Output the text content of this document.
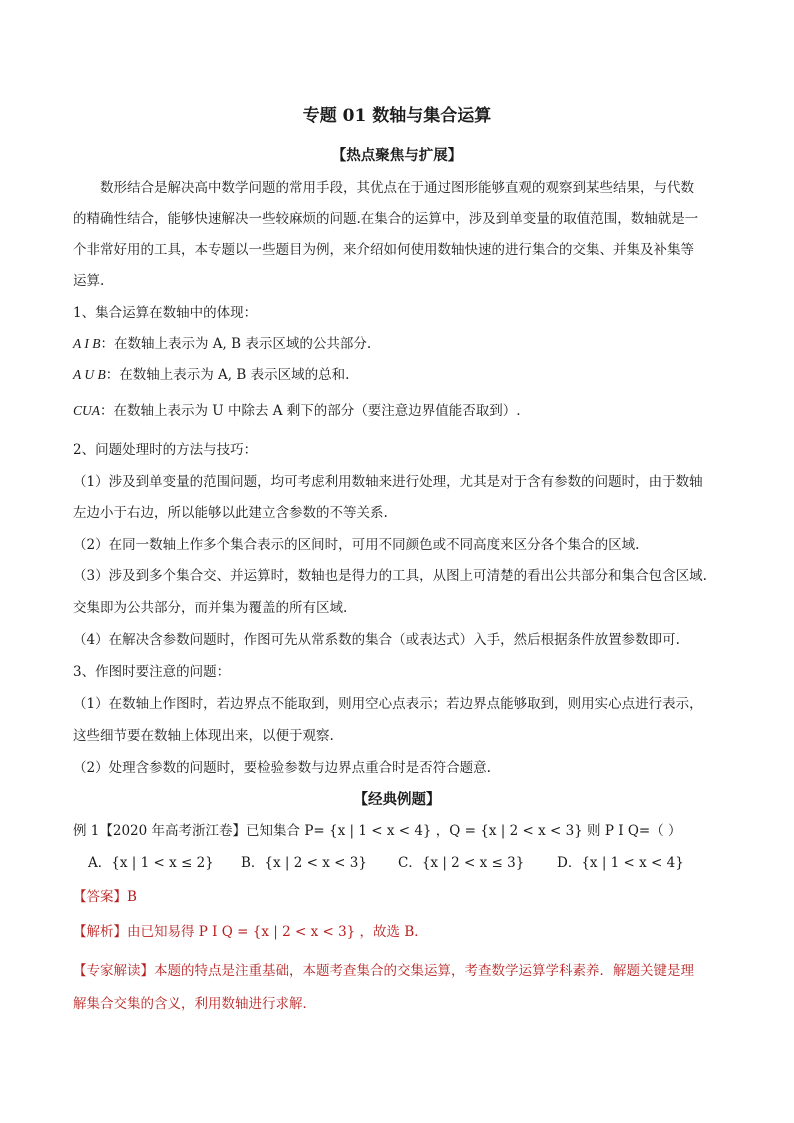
专题 01 数轴与集合运算
【热点聚焦与扩展】
数形结合是解决高中数学问题的常用手段，其优点在于通过图形能够直观的观察到某些结果，与代数
的精确性结合，能够快速解决一些较麻烦的问题.在集合的运算中，涉及到单变量的取值范围，数轴就是一
个非常好用的工具，本专题以一些题目为例，来介绍如何使用数轴快速的进行集合的交集、并集及补集等
运算.
1、集合运算在数轴中的体现：
A I B：在数轴上表示为 A, B 表示区域的公共部分.
A U B：在数轴上表示为 A, B 表示区域的总和.
CUA：在数轴上表示为 U 中除去 A 剩下的部分（要注意边界值能否取到）.
2、问题处理时的方法与技巧：
（1）涉及到单变量的范围问题，均可考虑利用数轴来进行处理，尤其是对于含有参数的问题时，由于数轴
左边小于右边，所以能够以此建立含参数的不等关系.
（2）在同一数轴上作多个集合表示的区间时，可用不同颜色或不同高度来区分各个集合的区域.
（3）涉及到多个集合交、并运算时，数轴也是得力的工具，从图上可清楚的看出公共部分和集合包含区域.
交集即为公共部分，而并集为覆盖的所有区域.
（4）在解决含参数问题时，作图可先从常系数的集合（或表达式）入手，然后根据条件放置参数即可.
3、作图时要注意的问题：
（1）在数轴上作图时，若边界点不能取到，则用空心点表示；若边界点能够取到，则用实心点进行表示，
这些细节要在数轴上体现出来，以便于观察.
（2）处理含参数的问题时，要检验参数与边界点重合时是否符合题意.
【经典例题】
例 1【2020 年高考浙江卷】已知集合 P= {x | 1 < x < 4} ，Q = {x | 2 < x < 3} 则 P I Q=（ ）
A．{x | 1 < x ≤ 2} B．{x | 2 < x < 3} C．{x | 2 < x ≤ 3} D．{x | 1 < x < 4}
【答案】B
【解析】由已知易得 P I Q = {x | 2 < x < 3} ，故选 B．
【专家解读】本题的特点是注重基础，本题考查集合的交集运算，考查数学运算学科素养．解题关键是理
解集合交集的含义，利用数轴进行求解．
